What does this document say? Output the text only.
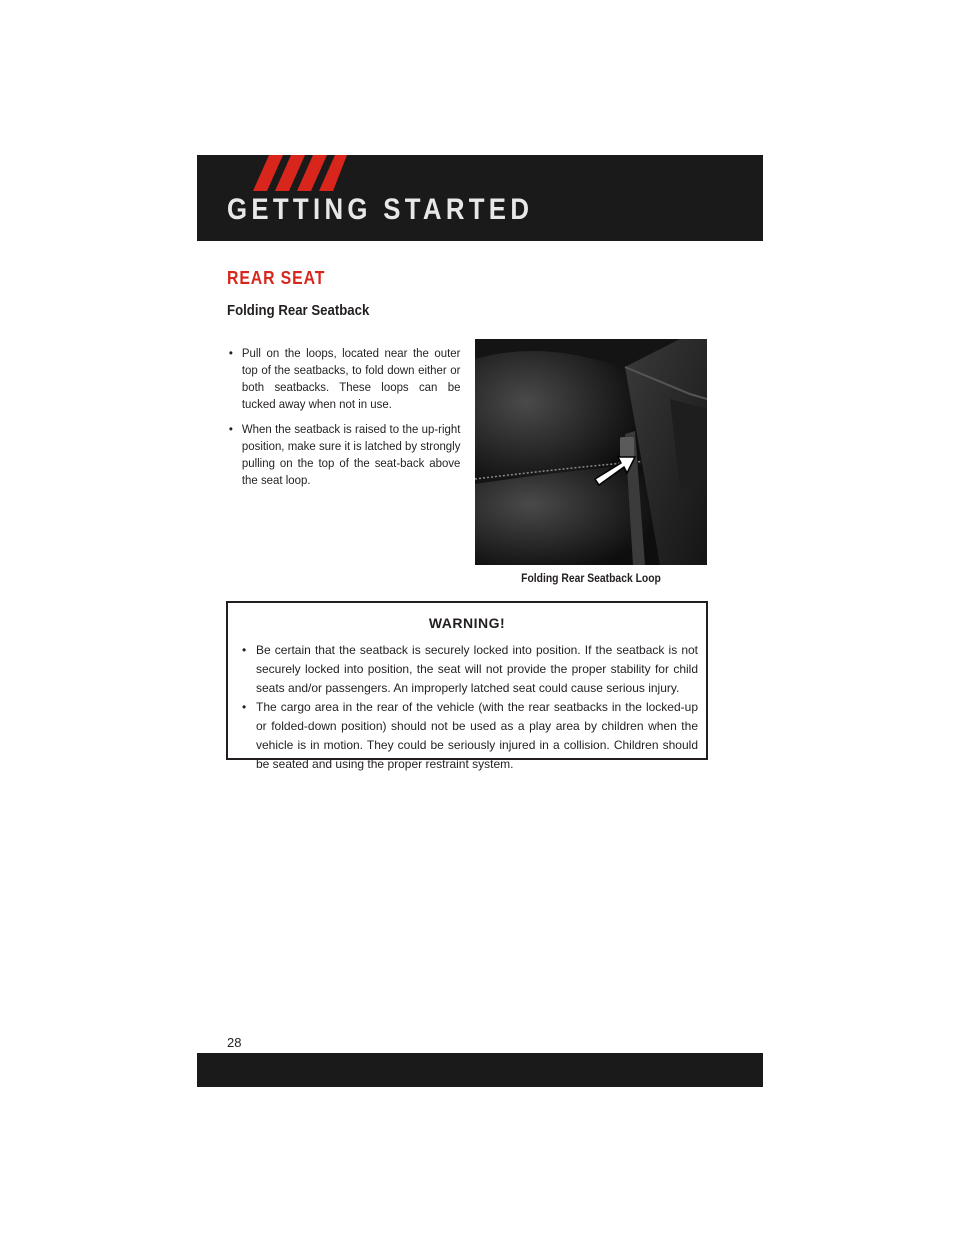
GETTING STARTED
REAR SEAT
Folding Rear Seatback
• Pull on the loops, located near the outer top of the seatbacks, to fold down either or both seatbacks. These loops can be tucked away when not in use.
• When the seatback is raised to the up-right position, make sure it is latched by strongly pulling on the top of the seat-back above the seat loop.
Folding Rear Seatback Loop
WARNING!
• Be certain that the seatback is securely locked into position. If the seatback is not securely locked into position, the seat will not provide the proper stability for child seats and/or passengers. An improperly latched seat could cause serious injury.
• The cargo area in the rear of the vehicle (with the rear seatbacks in the locked-up or folded-down position) should not be used as a play area by children when the vehicle is in motion. They could be seriously injured in a collision. Children should be seated and using the proper restraint system.
28
